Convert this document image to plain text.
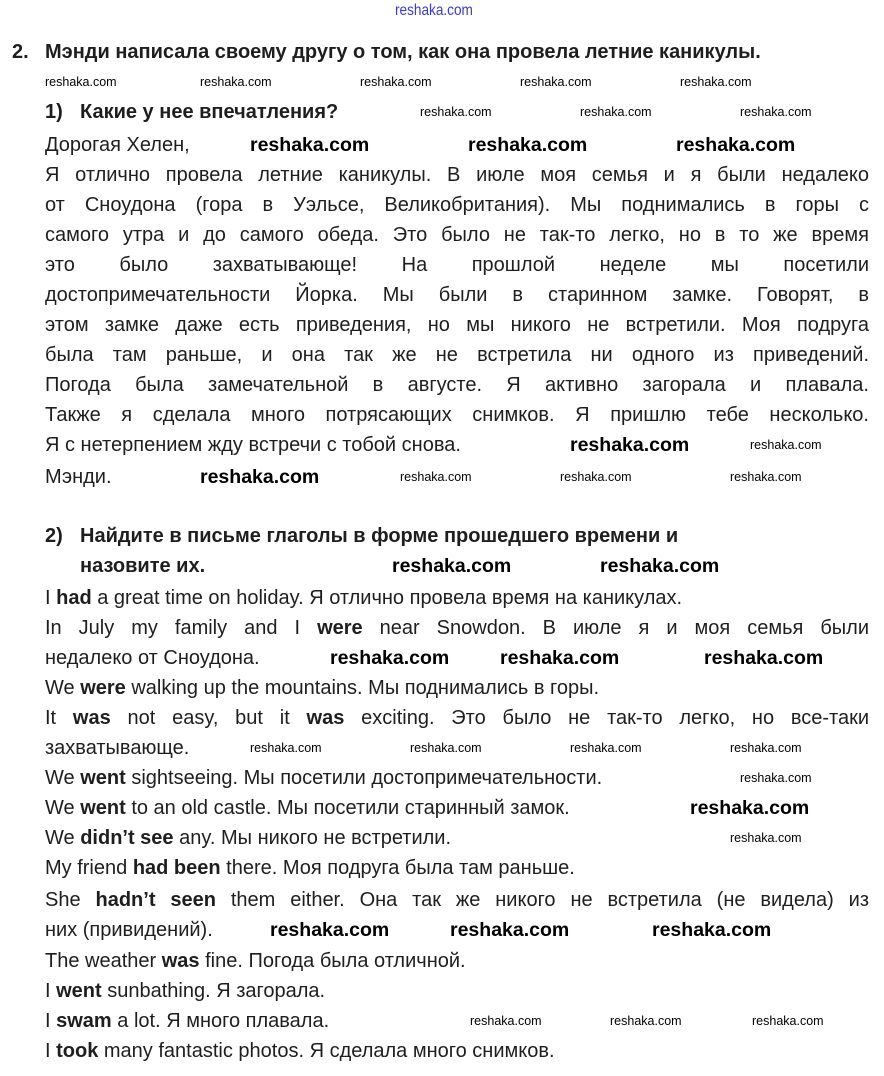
reshaka.com
2. Мэнди написала своему другу о том, как она провела летние каникулы.
1) Какие у нее впечатления?
2) Найдите в письме глаголы в форме прошедшего времени и
назовите их.
Дорогая Хелен,
Я отлично провела летние каникулы. В июле моя семья и я были недалеко
от Сноудона (гора в Уэльсе, Великобритания). Мы поднимались в горы с
самого утра и до самого обеда. Это было не так-то легко, но в то же время
это было захватывающе! На прошлой неделе мы посетили
достопримечательности Йорка. Мы были в старинном замке. Говорят, в
этом замке даже есть приведения, но мы никого не встретили. Моя подруга
была там раньше, и она так же не встретила ни одного из приведений.
Погода была замечательной в августе. Я активно загорала и плавала.
Также я сделала много потрясающих снимков. Я пришлю тебе несколько.
Я с нетерпением жду встречи с тобой снова.
Мэнди.
I had a great time on holiday. Я отлично провела время на каникулах.
In July my family and I were near Snowdon. В июле я и моя семья были
недалеко от Сноудона.
We were walking up the mountains. Мы поднимались в горы.
It was not easy, but it was exciting. Это было не так-то легко, но все-таки
захватывающе.
We went sightseeing. Мы посетили достопримечательности.
We went to an old castle. Мы посетили старинный замок.
We didn’t see any. Мы никого не встретили.
My friend had been there. Моя подруга была там раньше.
She hadn’t seen them either. Она так же никого не встретила (не видела) из
них (привидений).
The weather was fine. Погода была отличной.
I went sunbathing. Я загорала.
I swam a lot. Я много плавала.
I took many fantastic photos. Я сделала много снимков.
reshaka.com	reshaka.com	reshaka.com	reshaka.com	reshaka.com
reshaka.com	reshaka.com	reshaka.com
reshaka.com
reshaka.com	reshaka.com	reshaka.com
reshaka.com	reshaka.com	reshaka.com	reshaka.com
reshaka.com
reshaka.com
reshaka.com	reshaka.com	reshaka.com
reshaka.com	reshaka.com	reshaka.com
reshaka.com
reshaka.com
reshaka.com	reshaka.com
reshaka.com	reshaka.com	reshaka.com
reshaka.com
reshaka.com	reshaka.com	reshaka.com
